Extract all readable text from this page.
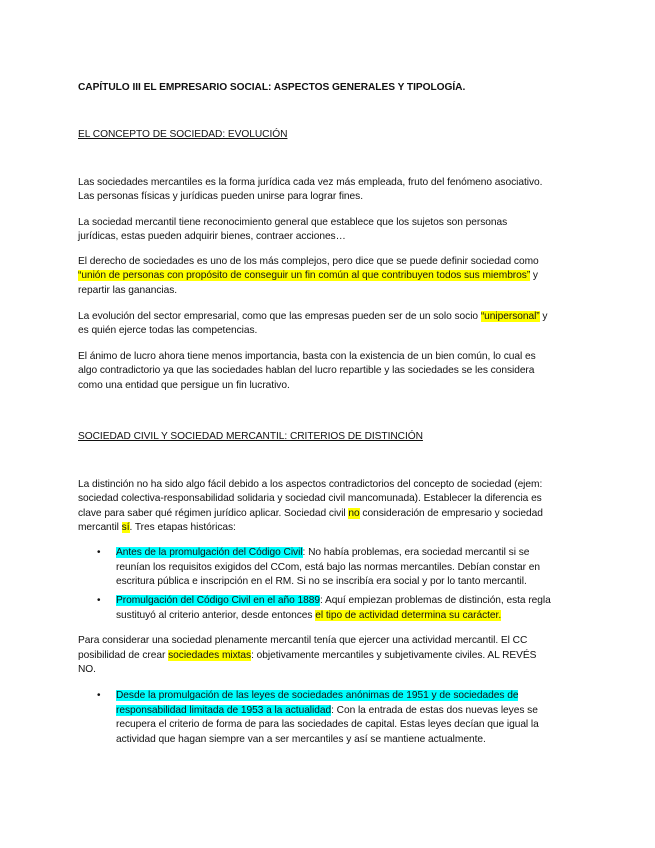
CAPÍTULO III EL EMPRESARIO SOCIAL: ASPECTOS GENERALES Y TIPOLOGÍA.
EL CONCEPTO DE SOCIEDAD: EVOLUCIÓN
Las sociedades mercantiles es la forma jurídica cada vez más empleada, fruto del fenómeno asociativo.
Las personas físicas y jurídicas pueden unirse para lograr fines.
La sociedad mercantil tiene reconocimiento general que establece que los sujetos son personas
jurídicas, estas pueden adquirir bienes, contraer acciones…
El derecho de sociedades es uno de los más complejos, pero dice que se puede definir sociedad como
“unión de personas con propósito de conseguir un fin común al que contribuyen todos sus miembros” y
repartir las ganancias.
La evolución del sector empresarial, como que las empresas pueden ser de un solo socio “unipersonal” y
es quién ejerce todas las competencias.
El ánimo de lucro ahora tiene menos importancia, basta con la existencia de un bien común, lo cual es
algo contradictorio ya que las sociedades hablan del lucro repartible y las sociedades se les considera
como una entidad que persigue un fin lucrativo.
SOCIEDAD CIVIL Y SOCIEDAD MERCANTIL: CRITERIOS DE DISTINCIÓN
La distinción no ha sido algo fácil debido a los aspectos contradictorios del concepto de sociedad (ejem:
sociedad colectiva-responsabilidad solidaria y sociedad civil mancomunada). Establecer la diferencia es
clave para saber qué régimen jurídico aplicar. Sociedad civil no consideración de empresario y sociedad
mercantil sí. Tres etapas históricas:
• Antes de la promulgación del Código Civil: No había problemas, era sociedad mercantil si se
reunían los requisitos exigidos del CCom, está bajo las normas mercantiles. Debían constar en
escritura pública e inscripción en el RM. Si no se inscribía era social y por lo tanto mercantil.
• Promulgación del Código Civil en el año 1889: Aquí empiezan problemas de distinción, esta regla
sustituyó al criterio anterior, desde entonces el tipo de actividad determina su carácter.
Para considerar una sociedad plenamente mercantil tenía que ejercer una actividad mercantil. El CC
posibilidad de crear sociedades mixtas: objetivamente mercantiles y subjetivamente civiles. AL REVÉS
NO.
• Desde la promulgación de las leyes de sociedades anónimas de 1951 y de sociedades de
responsabilidad limitada de 1953 a la actualidad: Con la entrada de estas dos nuevas leyes se
recupera el criterio de forma de para las sociedades de capital. Estas leyes decían que igual la
actividad que hagan siempre van a ser mercantiles y así se mantiene actualmente.
